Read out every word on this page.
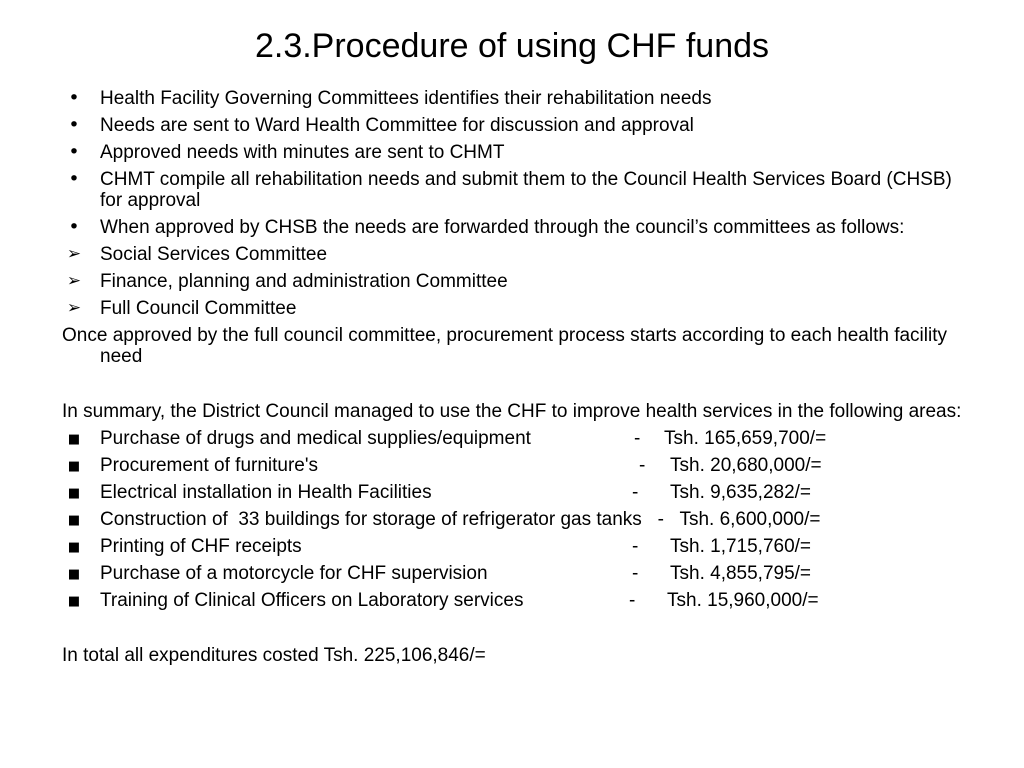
2.3.Procedure of using CHF funds
•	Health Facility Governing Committees identifies their rehabilitation needs
•	Needs are sent to Ward Health Committee for discussion and approval
•	Approved needs with minutes are sent to CHMT
•	CHMT compile all rehabilitation needs and submit them to the Council Health Services Board (CHSB) for approval
•	When approved by CHSB the needs are forwarded through the council’s committees as follows:
➢ Social Services Committee
➢ Finance, planning and administration Committee
➢ Full Council Committee
Once approved by the full council committee, procurement process starts according to each health facility need
In summary, the District Council managed to use the CHF to improve health services in the following areas:
■	Purchase of drugs and medical supplies/equipment	- Tsh. 165,659,700/=
■	Procurement of furniture's	- Tsh. 20,680,000/=
■	Electrical installation in Health Facilities	- Tsh. 9,635,282/=
■	Construction of  33 buildings for storage of refrigerator gas tanks   -   Tsh. 6,600,000/=
■	Printing of CHF receipts	- Tsh. 1,715,760/=
■	Purchase of a motorcycle for CHF supervision	- Tsh. 4,855,795/=
■	Training of Clinical Officers on Laboratory services	- Tsh. 15,960,000/=
In total all expenditures costed Tsh. 225,106,846/=
